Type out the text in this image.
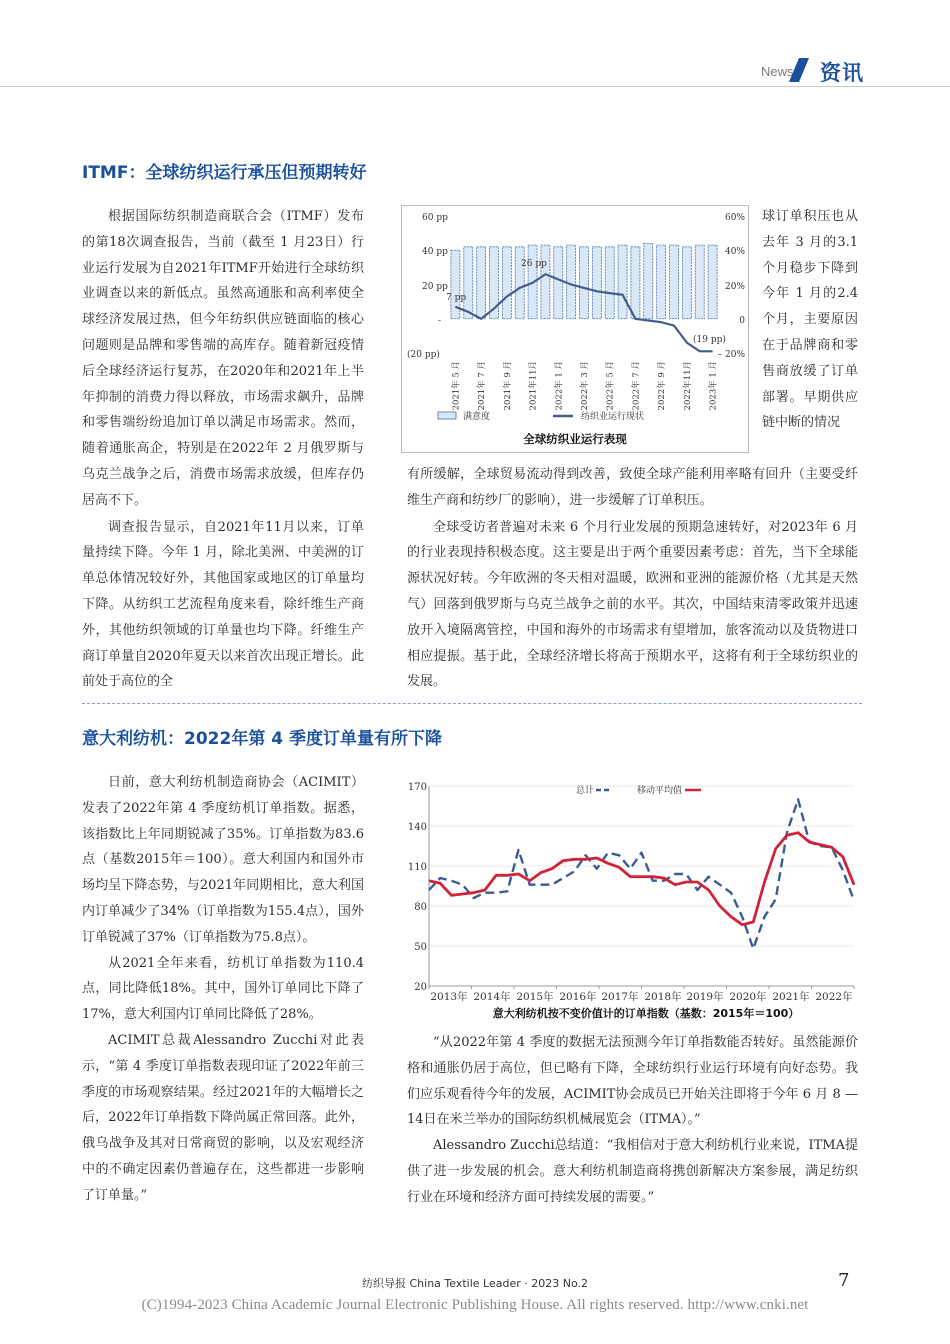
News 资讯
ITMF：全球纺织运行承压但预期转好

根据国际纺织制造商联合会（ITMF）发布的第18次调查报告，当前（截至 1 月23日）行业运行发展为自2021年ITMF开始进行全球纺织业调查以来的新低点。虽然高通胀和高利率使全球经济发展过热，但今年纺织供应链面临的核心问题则是品牌和零售端的高库存。随着新冠疫情后全球经济运行复苏，在2020年和2021年上半年抑制的消费力得以释放，市场需求飙升，品牌和零售端纷纷追加订单以满足市场需求。然而，随着通胀高企，特别是在2022年 2 月俄罗斯与乌克兰战争之后，消费市场需求放缓，但库存仍居高不下。

调查报告显示，自2021年11月以来，订单量持续下降。今年 1 月，除北美洲、中美洲的订单总体情况较好外，其他国家或地区的订单量均下降。从纺织工艺流程角度来看，除纤维生产商外，其他纺织领域的订单量也均下降。纤维生产商订单量自2020年夏天以来首次出现正增长。此前处于高位的全

2021年 5 月 2021年 7 月 2021年 9 月 2021年11月 2022年 1 月 2022年 3 月 2022年 5 月 2022年 7 月 2022年 9 月 2022年11月 2023年 1 月
60 pp
40 pp
20 pp
-
(20 pp)
60%
40%
20%
0
– 20%
7 pp
26 pp
(19 pp)
满意度	纺织业运行现状
全球纺织业运行表现

球订单积压也从去年 3 月的3.1个月稳步下降到今年 1 月的2.4个月，主要原因在于品牌商和零售商放缓了订单部署。早期供应链中断的情况

有所缓解，全球贸易流动得到改善，致使全球产能利用率略有回升（主要受纤维生产商和纺纱厂的影响），进一步缓解了订单积压。

全球受访者普遍对未来 6 个月行业发展的预期急速转好，对2023年 6 月的行业表现持积极态度。这主要是出于两个重要因素考虑：首先，当下全球能源状况好转。今年欧洲的冬天相对温暖，欧洲和亚洲的能源价格（尤其是天然气）回落到俄罗斯与乌克兰战争之前的水平。其次，中国结束清零政策并迅速放开入境隔离管控，中国和海外的市场需求有望增加，旅客流动以及货物进口相应提振。基于此，全球经济增长将高于预期水平，这将有利于全球纺织业的发展。

意大利纺机：2022年第 4 季度订单量有所下降

日前，意大利纺机制造商协会（ACIMIT）发表了2022年第 4 季度纺机订单指数。据悉，该指数比上年同期锐减了35%。订单指数为83.6点（基数2015年＝100）。意大利国内和国外市场均呈下降态势，与2021年同期相比，意大利国内订单减少了34%（订单指数为155.4点），国外订单锐减了37%（订单指数为75.8点）。

从2021全年来看，纺机订单指数为110.4点，同比降低18%。其中，国外订单同比下降了17%，意大利国内订单同比降低了28%。

ACIMIT总裁Alessandro Zucchi对此表示，“第 4 季度订单指数表现印证了2022年前三季度的市场观察结果。经过2021年的大幅增长之后，2022年订单指数下降尚属正常回落。此外，俄乌战争及其对日常商贸的影响，以及宏观经济中的不确定因素仍普遍存在，这些都进一步影响了订单量。”

170
140
110
80
50
20
2013年 2014年 2015年 2016年 2017年 2018年 2019年 2020年 2021年 2022年
总计	移动平均值
意大利纺机按不变价值计的订单指数（基数：2015年＝100）

“从2022年第 4 季度的数据无法预测今年订单指数能否转好。虽然能源价格和通胀仍居于高位，但已略有下降，全球纺织行业运行环境有向好态势。我们应乐观看待今年的发展，ACIMIT协会成员已开始关注即将于今年 6 月 8 — 14日在米兰举办的国际纺织机械展览会（ITMA）。”

Alessandro Zucchi总结道：“我相信对于意大利纺机行业来说，ITMA提供了进一步发展的机会。意大利纺机制造商将携创新解决方案参展，满足纺织行业在环境和经济方面可持续发展的需要。”

纺织导报 China Textile Leader · 2023 No.2	7
(C)1994-2023 China Academic Journal Electronic Publishing House. All rights reserved. http://www.cnki.net
